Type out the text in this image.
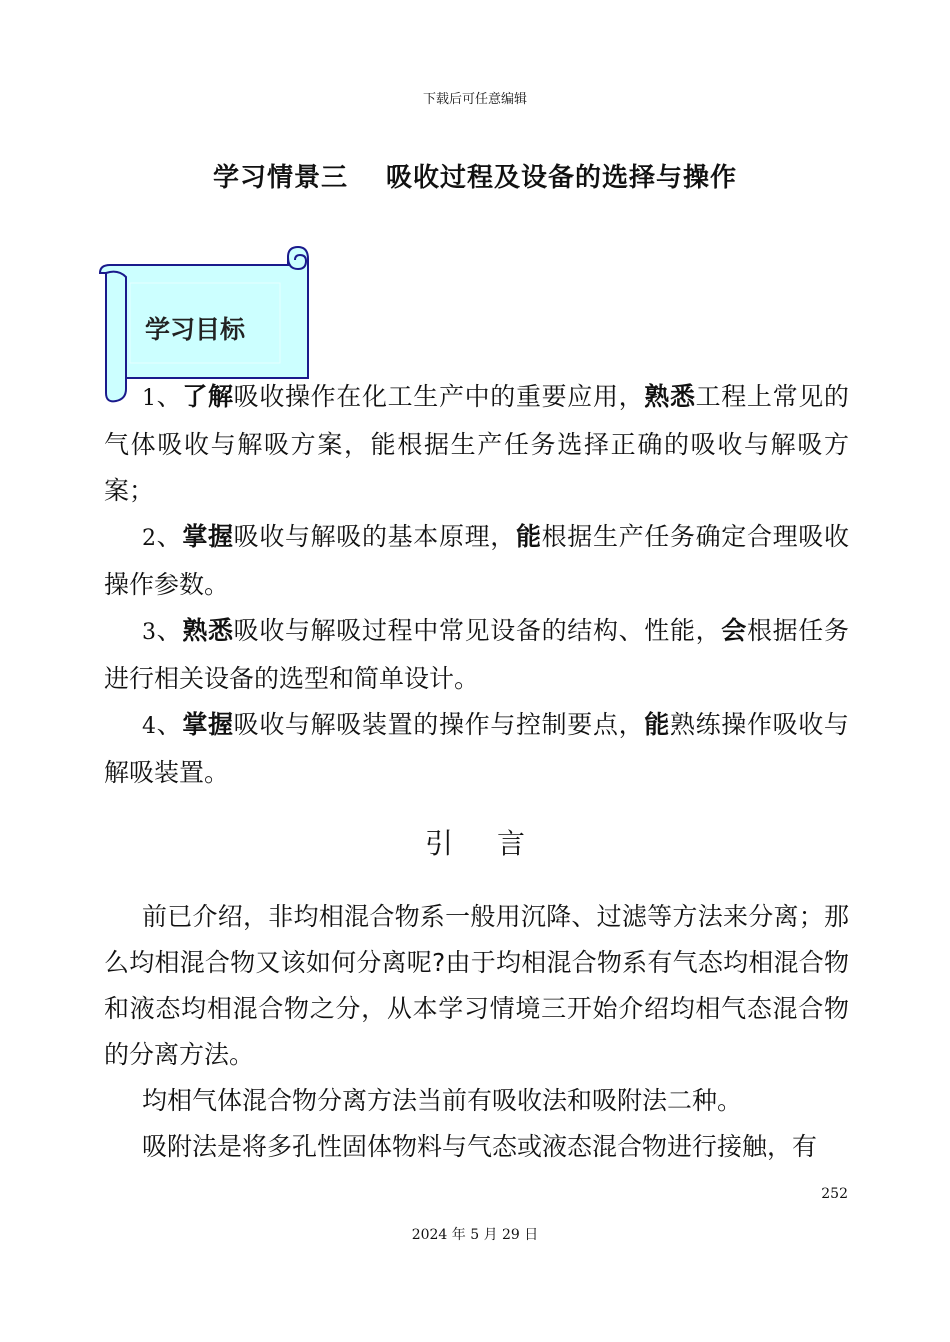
下载后可任意编辑
学习情景三 吸收过程及设备的选择与操作
学习目标

1、了解吸收操作在化工生产中的重要应用，熟悉工程上常见的气体吸收与解吸方案，能根据生产任务选择正确的吸收与解吸方案；

2、掌握吸收与解吸的基本原理，能根据生产任务确定合理吸收操作参数。

3、熟悉吸收与解吸过程中常见设备的结构、性能，会根据任务进行相关设备的选型和简单设计。

4、掌握吸收与解吸装置的操作与控制要点，能熟练操作吸收与解吸装置。

引 言

前已介绍，非均相混合物系一般用沉降、过滤等方法来分离；那么均相混合物又该如何分离呢?由于均相混合物系有气态均相混合物和液态均相混合物之分，从本学习情境三开始介绍均相气态混合物的分离方法。

均相气体混合物分离方法当前有吸收法和吸附法二种。

吸附法是将多孔性固体物料与气态或液态混合物进行接触，有

252
2024 年 5 月 29 日
